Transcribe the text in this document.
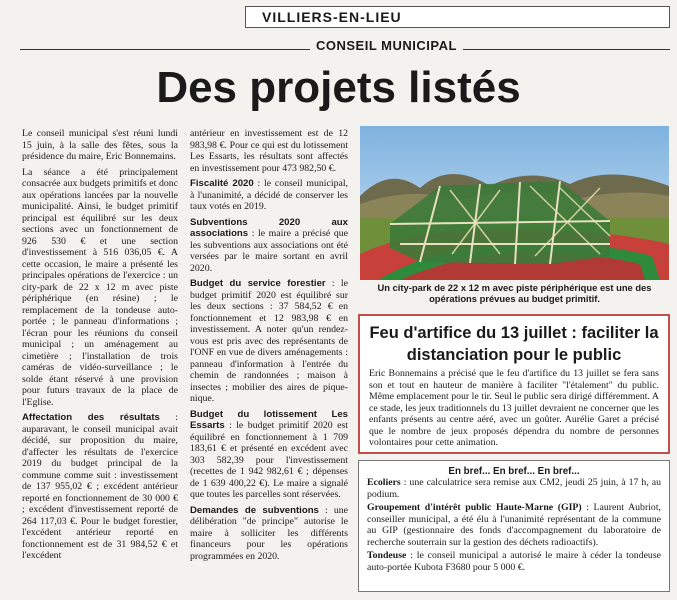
VILLIERS-EN-LIEU
CONSEIL MUNICIPAL
Des projets listés

Le conseil municipal s'est réuni lundi 15 juin, à la salle des fêtes, sous la présidence du maire, Eric Bonnemains.

La séance a été principalement consacrée aux budgets primitifs et donc aux opérations lancées par la nouvelle municipalité. Ainsi, le budget primitif principal est équilibré sur les deux sections avec un fonctionnement de 926 530 € et une section d'investissement à 516 036,05 €. A cette occasion, le maire a présenté les principales opérations de l'exercice : un city-park de 22 x 12 m avec piste périphérique (en résine) ; le remplacement de la tondeuse auto-portée ; le panneau d'informations ; l'écran pour les réunions du conseil municipal ; un aménagement au cimetière ; l'installation de trois caméras de vidéo-surveillance ; le solde étant réservé à une provision pour futurs travaux de la place de l'Eglise.

Affectation des résultats : auparavant, le conseil municipal avait décidé, sur proposition du maire, d'affecter les résultats de l'exercice 2019 du budget principal de la commune comme suit : investissement de 137 955,02 € ; excédent antérieur reporté en fonctionnement de 30 000 € ; excédent d'investissement reporté de 264 117,03 €. Pour le budget forestier, l'excédent antérieur reporté en fonctionnement est de 31 984,52 € et l'excédent

antérieur en investissement est de 12 983,98 €. Pour ce qui est du lotissement Les Essarts, les résultats sont affectés en investissement pour 473 982,50 €.

Fiscalité 2020 : le conseil municipal, à l'unanimité, a décidé de conserver les taux votés en 2019.

Subventions 2020 aux associations : le maire a précisé que les subventions aux associations ont été versées par le maire sortant en avril 2020.

Budget du service forestier : le budget primitif 2020 est équilibré sur les deux sections : 37 584,52 € en fonctionnement et 12 983,98 € en investissement. A noter qu'un rendez-vous est pris avec des représentants de l'ONF en vue de divers aménagements : panneau d'information à l'entrée du chemin de randonnées ; maison à insectes ; mobilier des aires de pique-nique.

Budget du lotissement Les Essarts : le budget primitif 2020 est équilibré en fonctionnement à 1 709 183,61 € et présenté en excédent avec 303 582,39 pour l'investissement (recettes de 1 942 982,61 € ; dépenses de 1 639 400,22 €). Le maire a signalé que toutes les parcelles sont réservées.

Demandes de subventions : une délibération "de principe" autorise le maire à solliciter les différents financeurs pour les opérations programmées en 2020.

Un city-park de 22 x 12 m avec piste périphérique est une des opérations prévues au budget primitif.
Feu d'artifice du 13 juillet : faciliter la distanciation pour le public
Eric Bonnemains a précisé que le feu d'artifice du 13 juillet se fera sans son et tout en hauteur de manière à faciliter "l'étalement" du public. Même emplacement pour le tir. Seul le public sera dirigé différemment. A ce stade, les jeux traditionnels du 13 juillet devraient ne concerner que les enfants présents au centre aéré, avec un goûter. Aurélie Garet a précisé que le nombre de jeux proposés dépendra du nombre de personnes volontaires pour cette animation.
En bref... En bref... En bref...

Ecoliers : une calculatrice sera remise aux CM2, jeudi 25 juin, à 17 h, au podium.

Groupement d'intérêt public Haute-Marne (GIP) : Laurent Aubriot, conseiller municipal, a été élu à l'unanimité représentant de la commune au GIP (gestionnaire des fonds d'accompagnement du laboratoire de recherche souterrain sur la gestion des déchets radioactifs).

Tondeuse : le conseil municipal a autorisé le maire à céder la tondeuse auto-portée Kubota F3680 pour 5 000 €.
